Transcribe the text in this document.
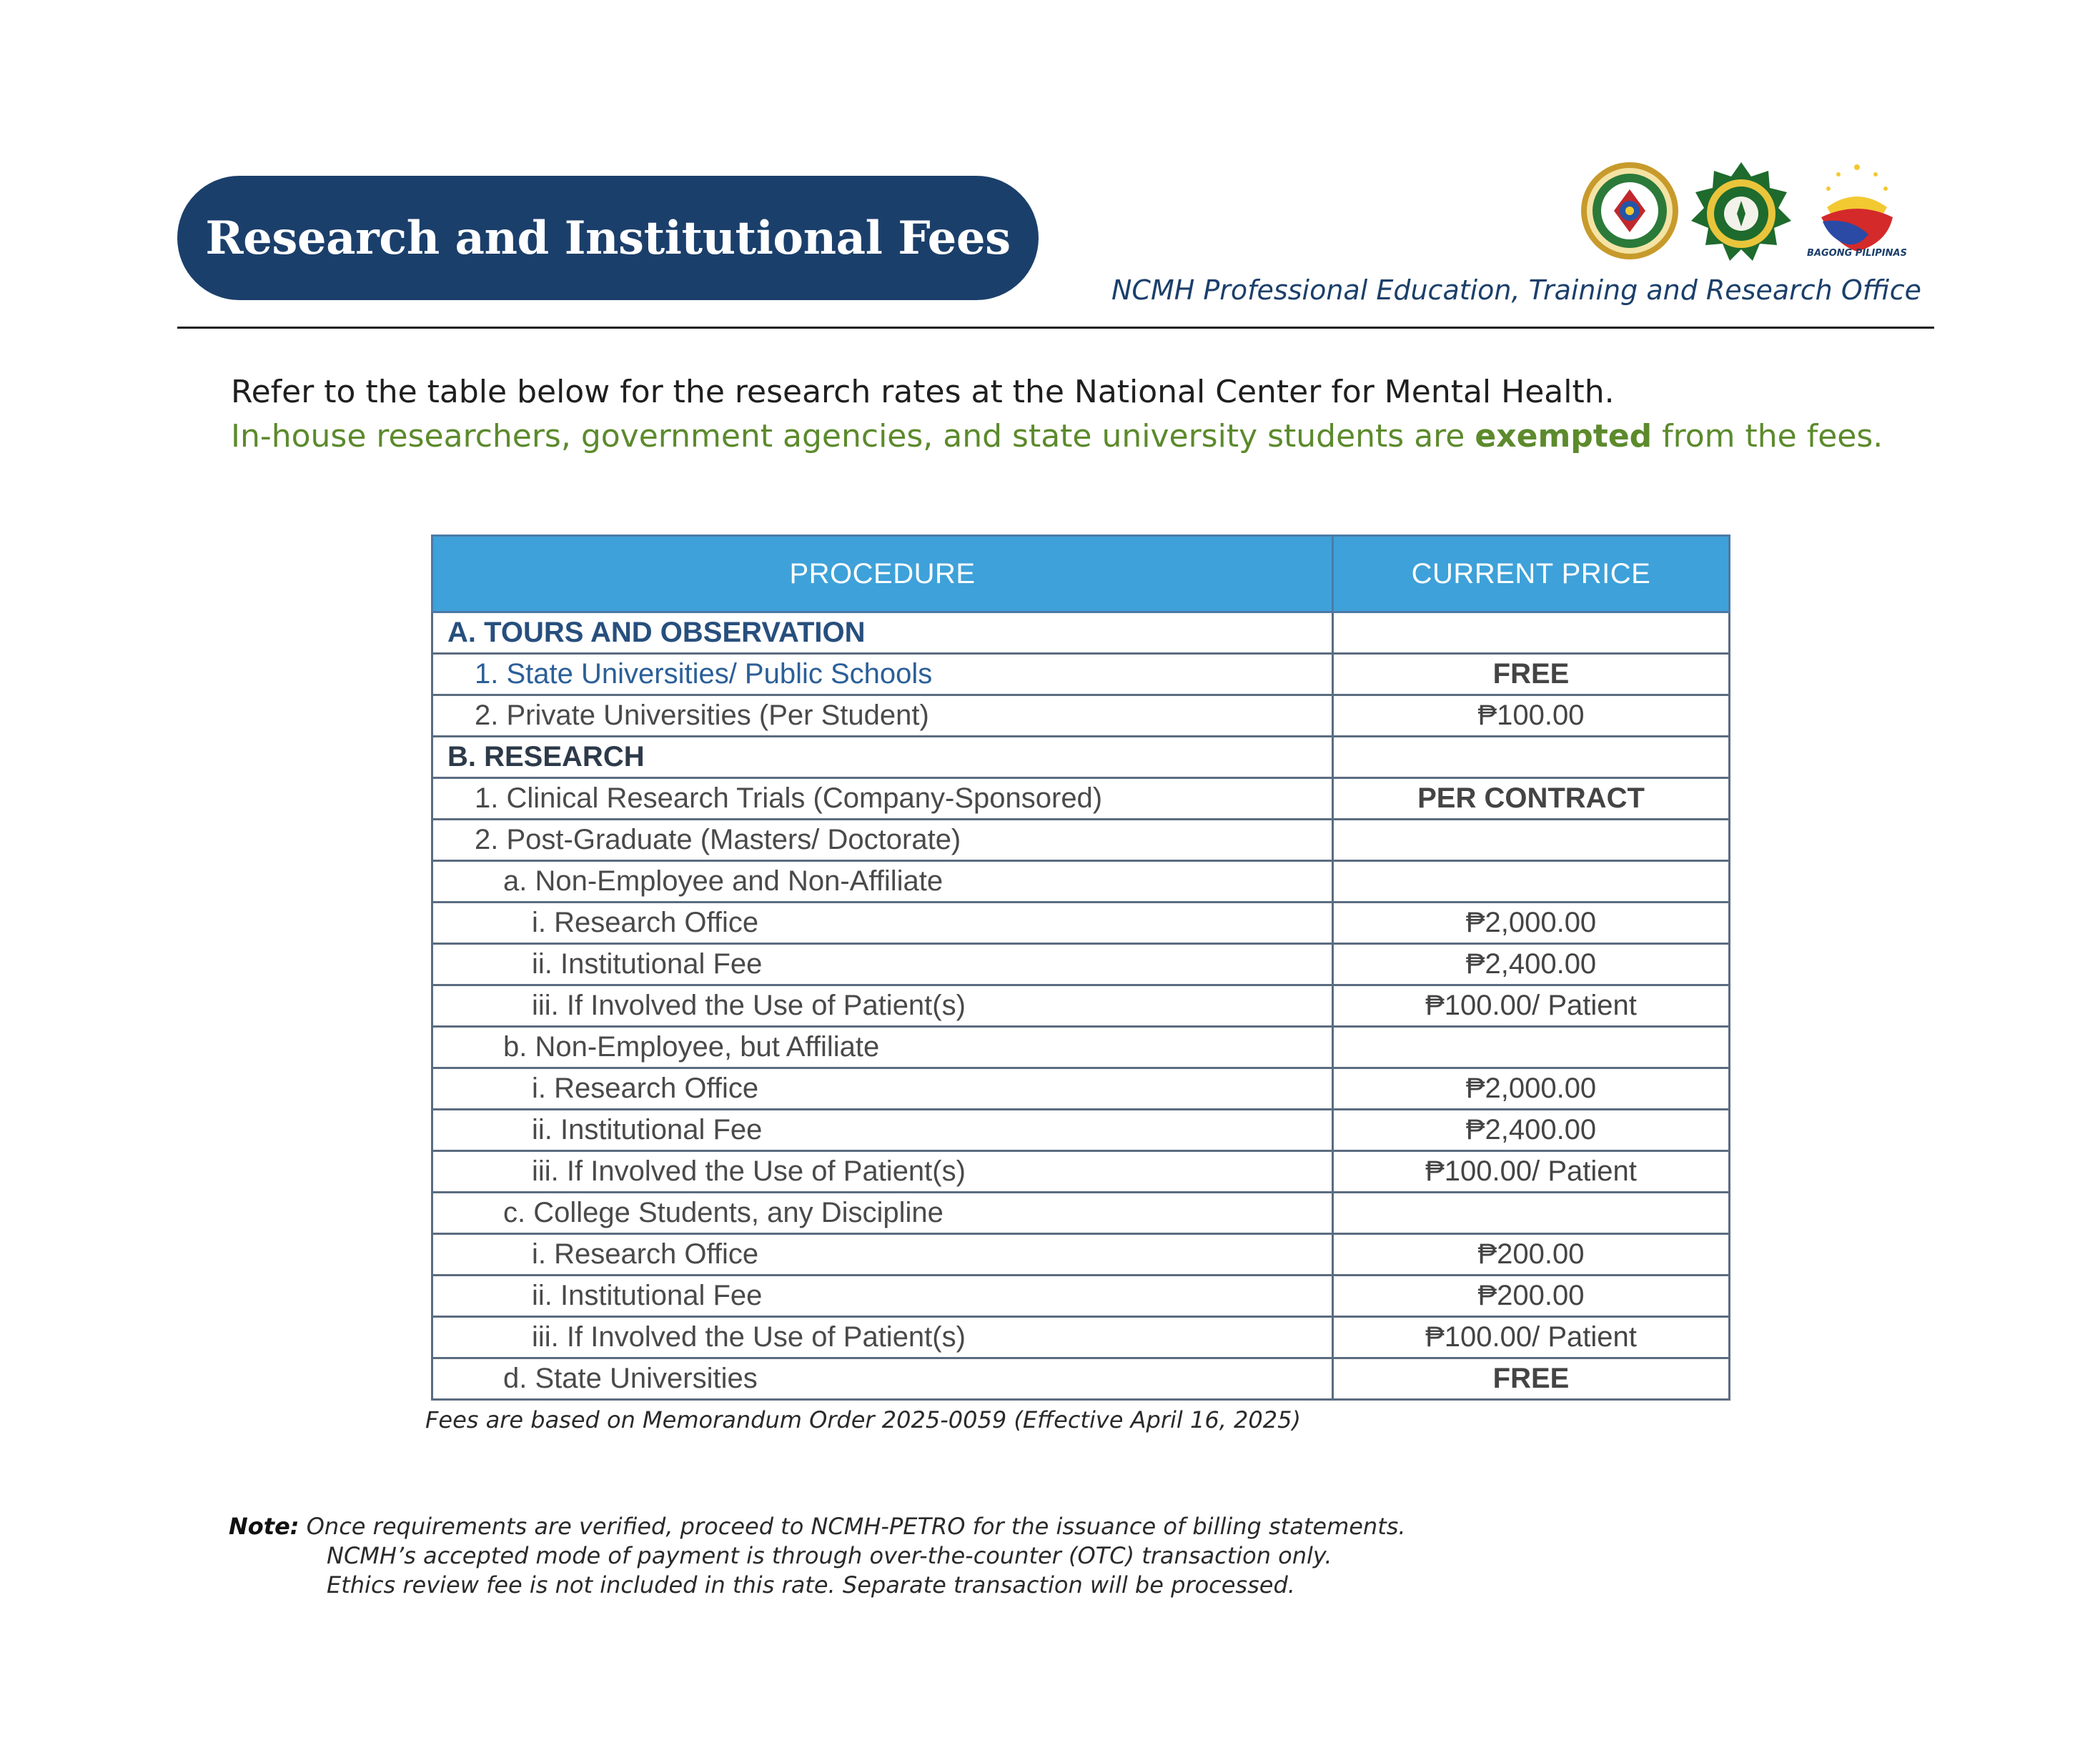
Research and Institutional Fees	BAGONG PILIPINAS
NCMH Professional Education, Training and Research Office
Refer to the table below for the research rates at the National Center for Mental Health.
In-house researchers, government agencies, and state university students are exempted from the fees.
PROCEDURE	CURRENT PRICE
A. TOURS AND OBSERVATION	
1. State Universities/ Public Schools	FREE
2. Private Universities (Per Student)	₱100.00
B. RESEARCH	
1. Clinical Research Trials (Company-Sponsored)	PER CONTRACT
2. Post-Graduate (Masters/ Doctorate)	
a. Non-Employee and Non-Affiliate	
i. Research Office	₱2,000.00
ii. Institutional Fee	₱2,400.00
iii. If Involved the Use of Patient(s)	₱100.00/ Patient
b. Non-Employee, but Affiliate	
i. Research Office	₱2,000.00
ii. Institutional Fee	₱2,400.00
iii. If Involved the Use of Patient(s)	₱100.00/ Patient
c. College Students, any Discipline	
i. Research Office	₱200.00
ii. Institutional Fee	₱200.00
iii. If Involved the Use of Patient(s)	₱100.00/ Patient
d. State Universities	FREE
Fees are based on Memorandum Order 2025-0059 (Effective April 16, 2025)
Note: Once requirements are verified, proceed to NCMH-PETRO for the issuance of billing statements.
NCMH’s accepted mode of payment is through over-the-counter (OTC) transaction only.
Ethics review fee is not included in this rate. Separate transaction will be processed.
